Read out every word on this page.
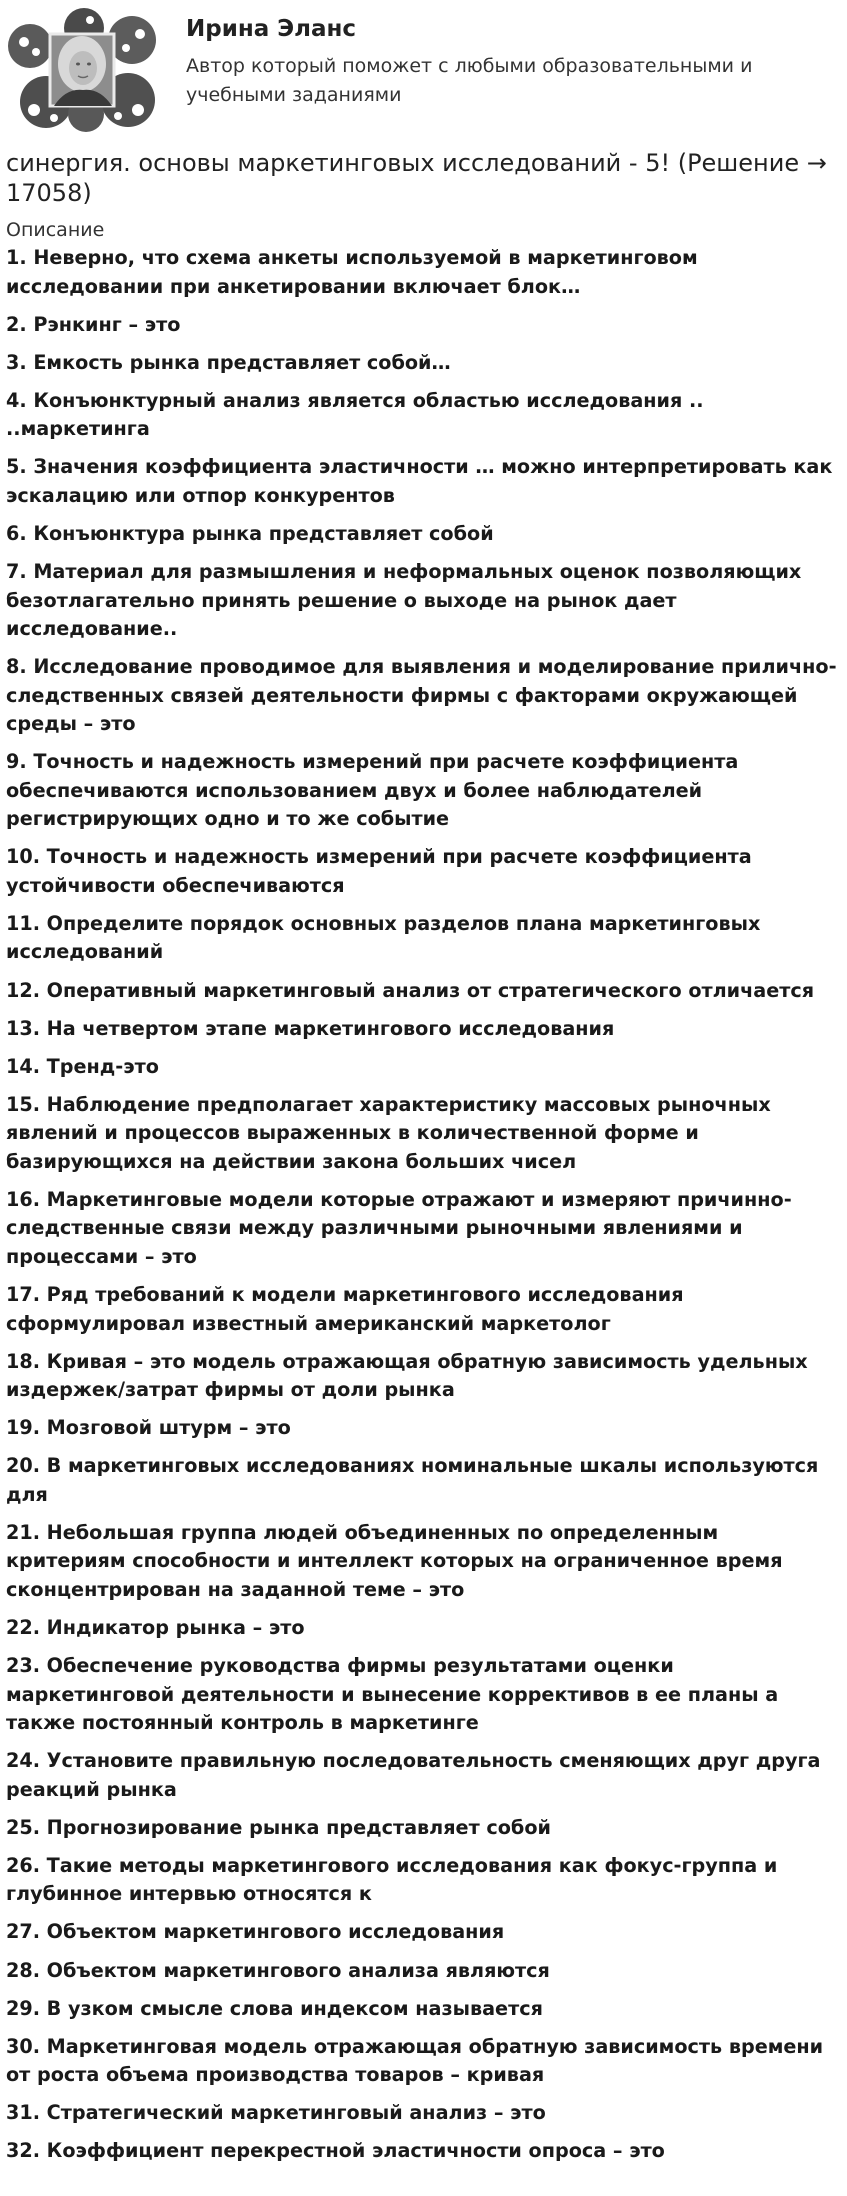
Ирина Эланс
Автор который поможет с любыми образовательными и учебными заданиями
синергия. основы маркетинговых исследований - 5! (Решение → 17058)
Описание
1. Неверно, что схема анкеты используемой в маркетинговом исследовании при анкетировании включает блок…
2. Рэнкинг – это
3. Емкость рынка представляет собой…
4. Конъюнктурный анализ является областью исследования .. ..маркетинга
5. Значения коэффициента эластичности … можно интерпретировать как эскалацию или отпор конкурентов
6. Конъюнктура рынка представляет собой
7. Материал для размышления и неформальных оценок позволяющих безотлагательно принять решение о выходе на рынок дает исследование..
8. Исследование проводимое для выявления и моделирование прилично-следственных связей деятельности фирмы с факторами окружающей среды – это
9. Точность и надежность измерений при расчете коэффициента обеспечиваются использованием двух и более наблюдателей регистрирующих одно и то же событие
10. Точность и надежность измерений при расчете коэффициента устойчивости обеспечиваются
11. Определите порядок основных разделов плана маркетинговых исследований
12. Оперативный маркетинговый анализ от стратегического отличается
13. На четвертом этапе маркетингового исследования
14. Тренд-это
15. Наблюдение предполагает характеристику массовых рыночных явлений и процессов выраженных в количественной форме и базирующихся на действии закона больших чисел
16. Маркетинговые модели которые отражают и измеряют причинно-следственные связи между различными рыночными явлениями и процессами – это
17. Ряд требований к модели маркетингового исследования сформулировал известный американский маркетолог
18. Кривая – это модель отражающая обратную зависимость удельных издержек/затрат фирмы от доли рынка
19. Мозговой штурм – это
20. В маркетинговых исследованиях номинальные шкалы используются для
21. Небольшая группа людей объединенных по определенным критериям способности и интеллект которых на ограниченное время сконцентрирован на заданной теме – это
22. Индикатор рынка – это
23. Обеспечение руководства фирмы результатами оценки маркетинговой деятельности и вынесение коррективов в ее планы а также постоянный контроль в маркетинге
24. Установите правильную последовательность сменяющих друг друга реакций рынка
25. Прогнозирование рынка представляет собой
26. Такие методы маркетингового исследования как фокус-группа и глубинное интервью относятся к
27. Объектом маркетингового исследования
28. Объектом маркетингового анализа являются
29. В узком смысле слова индексом называется
30. Маркетинговая модель отражающая обратную зависимость времени от роста объема производства товаров – кривая
31. Стратегический маркетинговый анализ – это
32. Коэффициент перекрестной эластичности опроса – это
